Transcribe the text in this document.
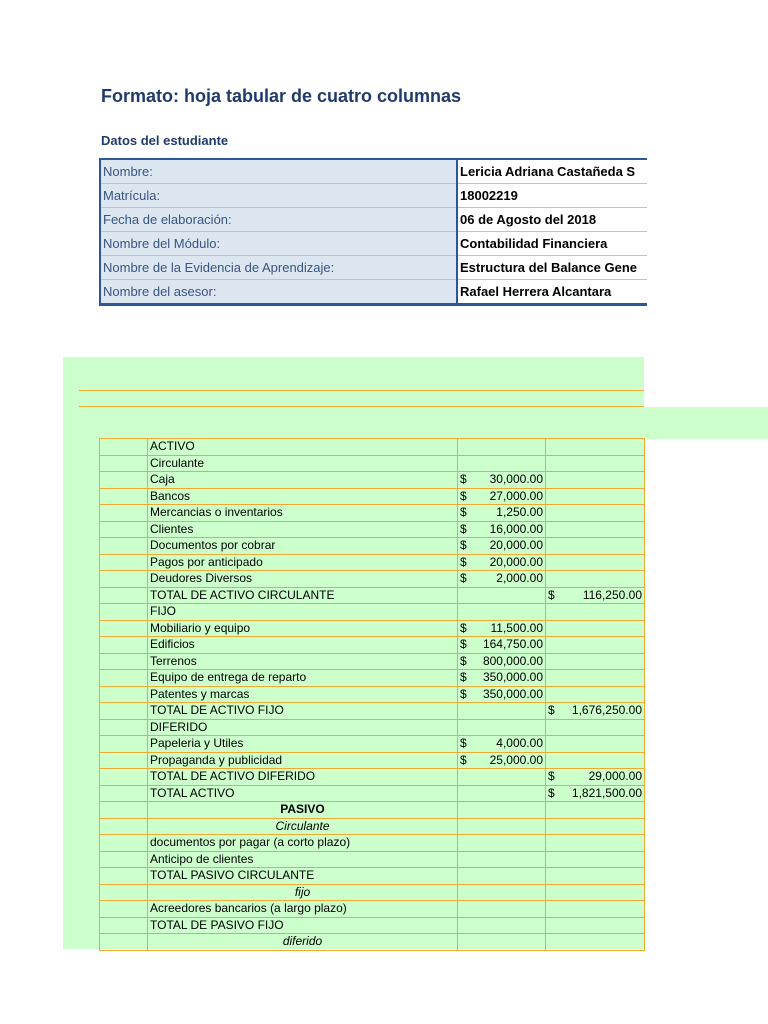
Formato: hoja tabular de cuatro columnas
Datos del estudiante
Nombre:	Lericia Adriana Castañeda S
Matrícula:	18002219
Fecha de elaboración:	06 de Agosto del 2018
Nombre del Módulo:	Contabilidad Financiera
Nombre de la Evidencia de Aprendizaje:	Estructura del Balance Gene
Nombre del asesor:	Rafael Herrera Alcantara
	ACTIVO		
	Circulante		
	Caja	$ 30,000.00	

	Bancos	$ 27,000.00	

	Mercancias o inventarios	$ 1,250.00	

	Clientes	$ 16,000.00	

	Documentos por cobrar	$ 20,000.00	

	Pagos por anticipado	$ 20,000.00	

	Deudores Diversos	$ 2,000.00	

	TOTAL DE ACTIVO CIRCULANTE		$ 116,250.00

	FIJO		
	Mobiliario y equipo	$ 11,500.00	

	Edificios	$ 164,750.00	

	Terrenos	$ 800,000.00	

	Equipo de entrega de reparto	$ 350,000.00	

	Patentes y marcas	$ 350,000.00	

	TOTAL DE ACTIVO FIJO		$ 1,676,250.00

	DIFERIDO		
	Papeleria y Utiles	$ 4,000.00	

	Propaganda y publicidad	$ 25,000.00	

	TOTAL DE ACTIVO DIFERIDO		$ 29,000.00

	TOTAL ACTIVO		$ 1,821,500.00

	PASIVO		
	Circulante		
	documentos por pagar (a corto plazo)		
	Anticipo de clientes		
	TOTAL PASIVO CIRCULANTE		
	fijo		
	Acreedores bancarios (a largo plazo)		
	TOTAL DE PASIVO FIJO		
	diferido		
